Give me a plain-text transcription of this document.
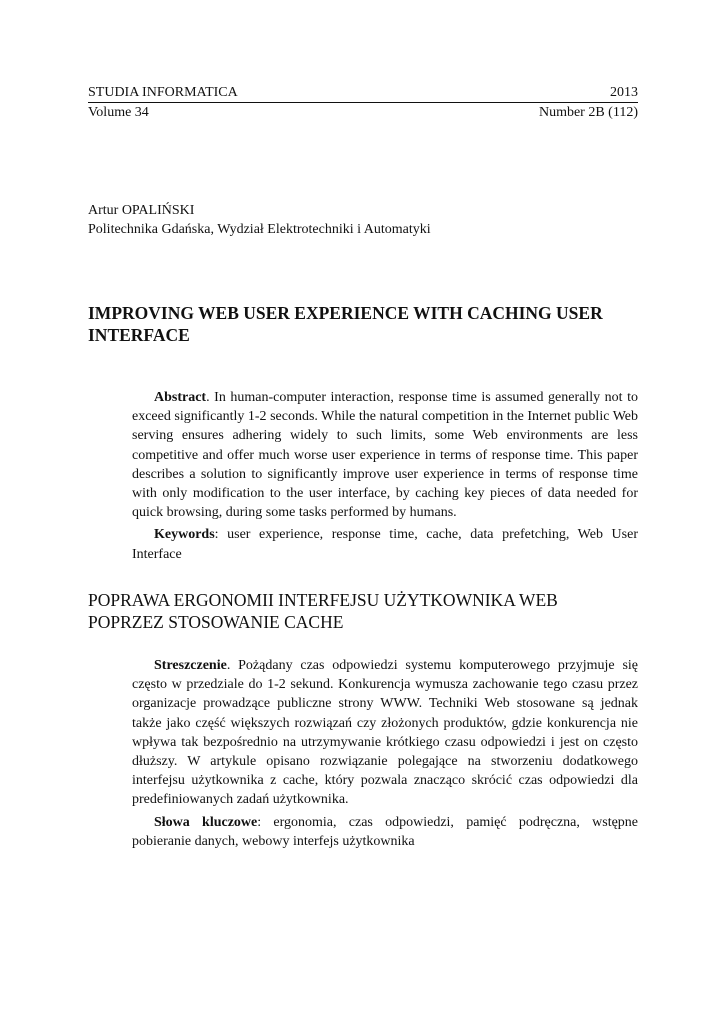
STUDIA INFORMATICA	2013
Volume 34	Number 2B (112)
Artur OPALIŃSKI
Politechnika Gdańska, Wydział Elektrotechniki i Automatyki
IMPROVING WEB USER EXPERIENCE WITH CACHING USER INTERFACE

Abstract. In human-computer interaction, response time is assumed generally not to exceed significantly 1-2 seconds. While the natural competition in the Internet public Web serving ensures adhering widely to such limits, some Web environments are less competitive and offer much worse user experience in terms of response time. This paper describes a solution to significantly improve user experience in terms of response time with only modification to the user interface, by caching key pieces of data needed for quick browsing, during some tasks performed by humans.

Keywords: user experience, response time, cache, data prefetching, Web User Interface

POPRAWA ERGONOMII INTERFEJSU UŻYTKOWNIKA WEB POPRZEZ STOSOWANIE CACHE

Streszczenie. Pożądany czas odpowiedzi systemu komputerowego przyjmuje się często w przedziale do 1-2 sekund. Konkurencja wymusza zachowanie tego czasu przez organizacje prowadzące publiczne strony WWW. Techniki Web stosowane są jednak także jako część większych rozwiązań czy złożonych produktów, gdzie konkurencja nie wpływa tak bezpośrednio na utrzymywanie krótkiego czasu odpowiedzi i jest on często dłuższy. W artykule opisano rozwiązanie polegające na stworzeniu dodatkowego interfejsu użytkownika z cache, który pozwala znacząco skrócić czas odpowiedzi dla predefiniowanych zadań użytkownika.

Słowa kluczowe: ergonomia, czas odpowiedzi, pamięć podręczna, wstępne pobieranie danych, webowy interfejs użytkownika
